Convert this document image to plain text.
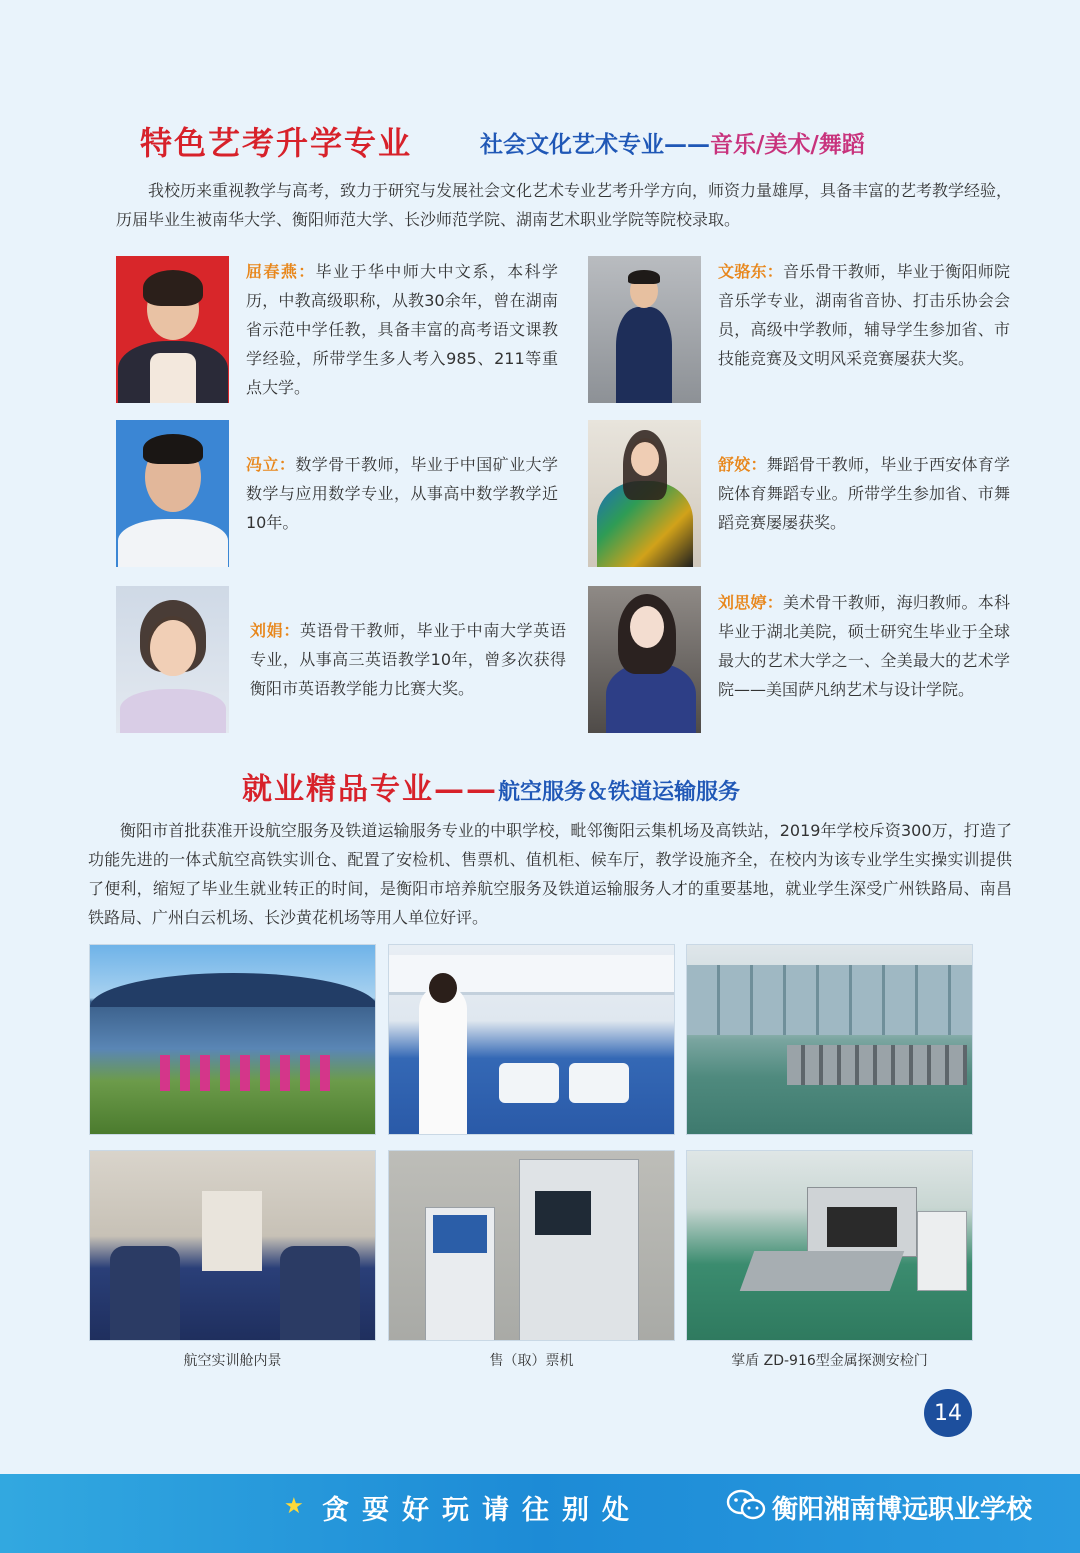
特色艺考升学专业	社会文化艺术专业——音乐/美术/舞蹈

我校历来重视教学与高考，致力于研究与发展社会文化艺术专业艺考升学方向，师资力量雄厚，具备丰富的艺考教学经验，历届毕业生被南华大学、衡阳师范大学、长沙师范学院、湖南艺术职业学院等院校录取。

屈春燕：毕业于华中师大中文系，本科学历，中教高级职称，从教30余年，曾在湖南省示范中学任教，具备丰富的高考语文课教学经验，所带学生多人考入985、211等重点大学。

文骆东：音乐骨干教师，毕业于衡阳师院音乐学专业，湖南省音协、打击乐协会会员，高级中学教师，辅导学生参加省、市技能竞赛及文明风采竞赛屡获大奖。

冯立：数学骨干教师，毕业于中国矿业大学数学与应用数学专业，从事高中数学教学近10年。

舒姣：舞蹈骨干教师，毕业于西安体育学院体育舞蹈专业。所带学生参加省、市舞蹈竞赛屡屡获奖。

刘娟：英语骨干教师，毕业于中南大学英语专业，从事高三英语教学10年，曾多次获得衡阳市英语教学能力比赛大奖。

刘思婷：美术骨干教师，海归教师。本科毕业于湖北美院，硕士研究生毕业于全球最大的艺术大学之一、全美最大的艺术学院——美国萨凡纳艺术与设计学院。

就业精品专业——航空服务＆铁道运输服务

衡阳市首批获准开设航空服务及铁道运输服务专业的中职学校，毗邻衡阳云集机场及高铁站，2019年学校斥资300万，打造了功能先进的一体式航空高铁实训仓、配置了安检机、售票机、值机柜、候车厅，教学设施齐全，在校内为该专业学生实操实训提供了便利，缩短了毕业生就业转正的时间，是衡阳市培养航空服务及铁道运输服务人才的重要基地，就业学生深受广州铁路局、南昌铁路局、广州白云机场、长沙黄花机场等用人单位好评。

航空实训舱内景	售（取）票机	掌盾 ZD-916型金属探测安检门
14
★ 贪耍好玩请往别处	衡阳湘南博远职业学校
